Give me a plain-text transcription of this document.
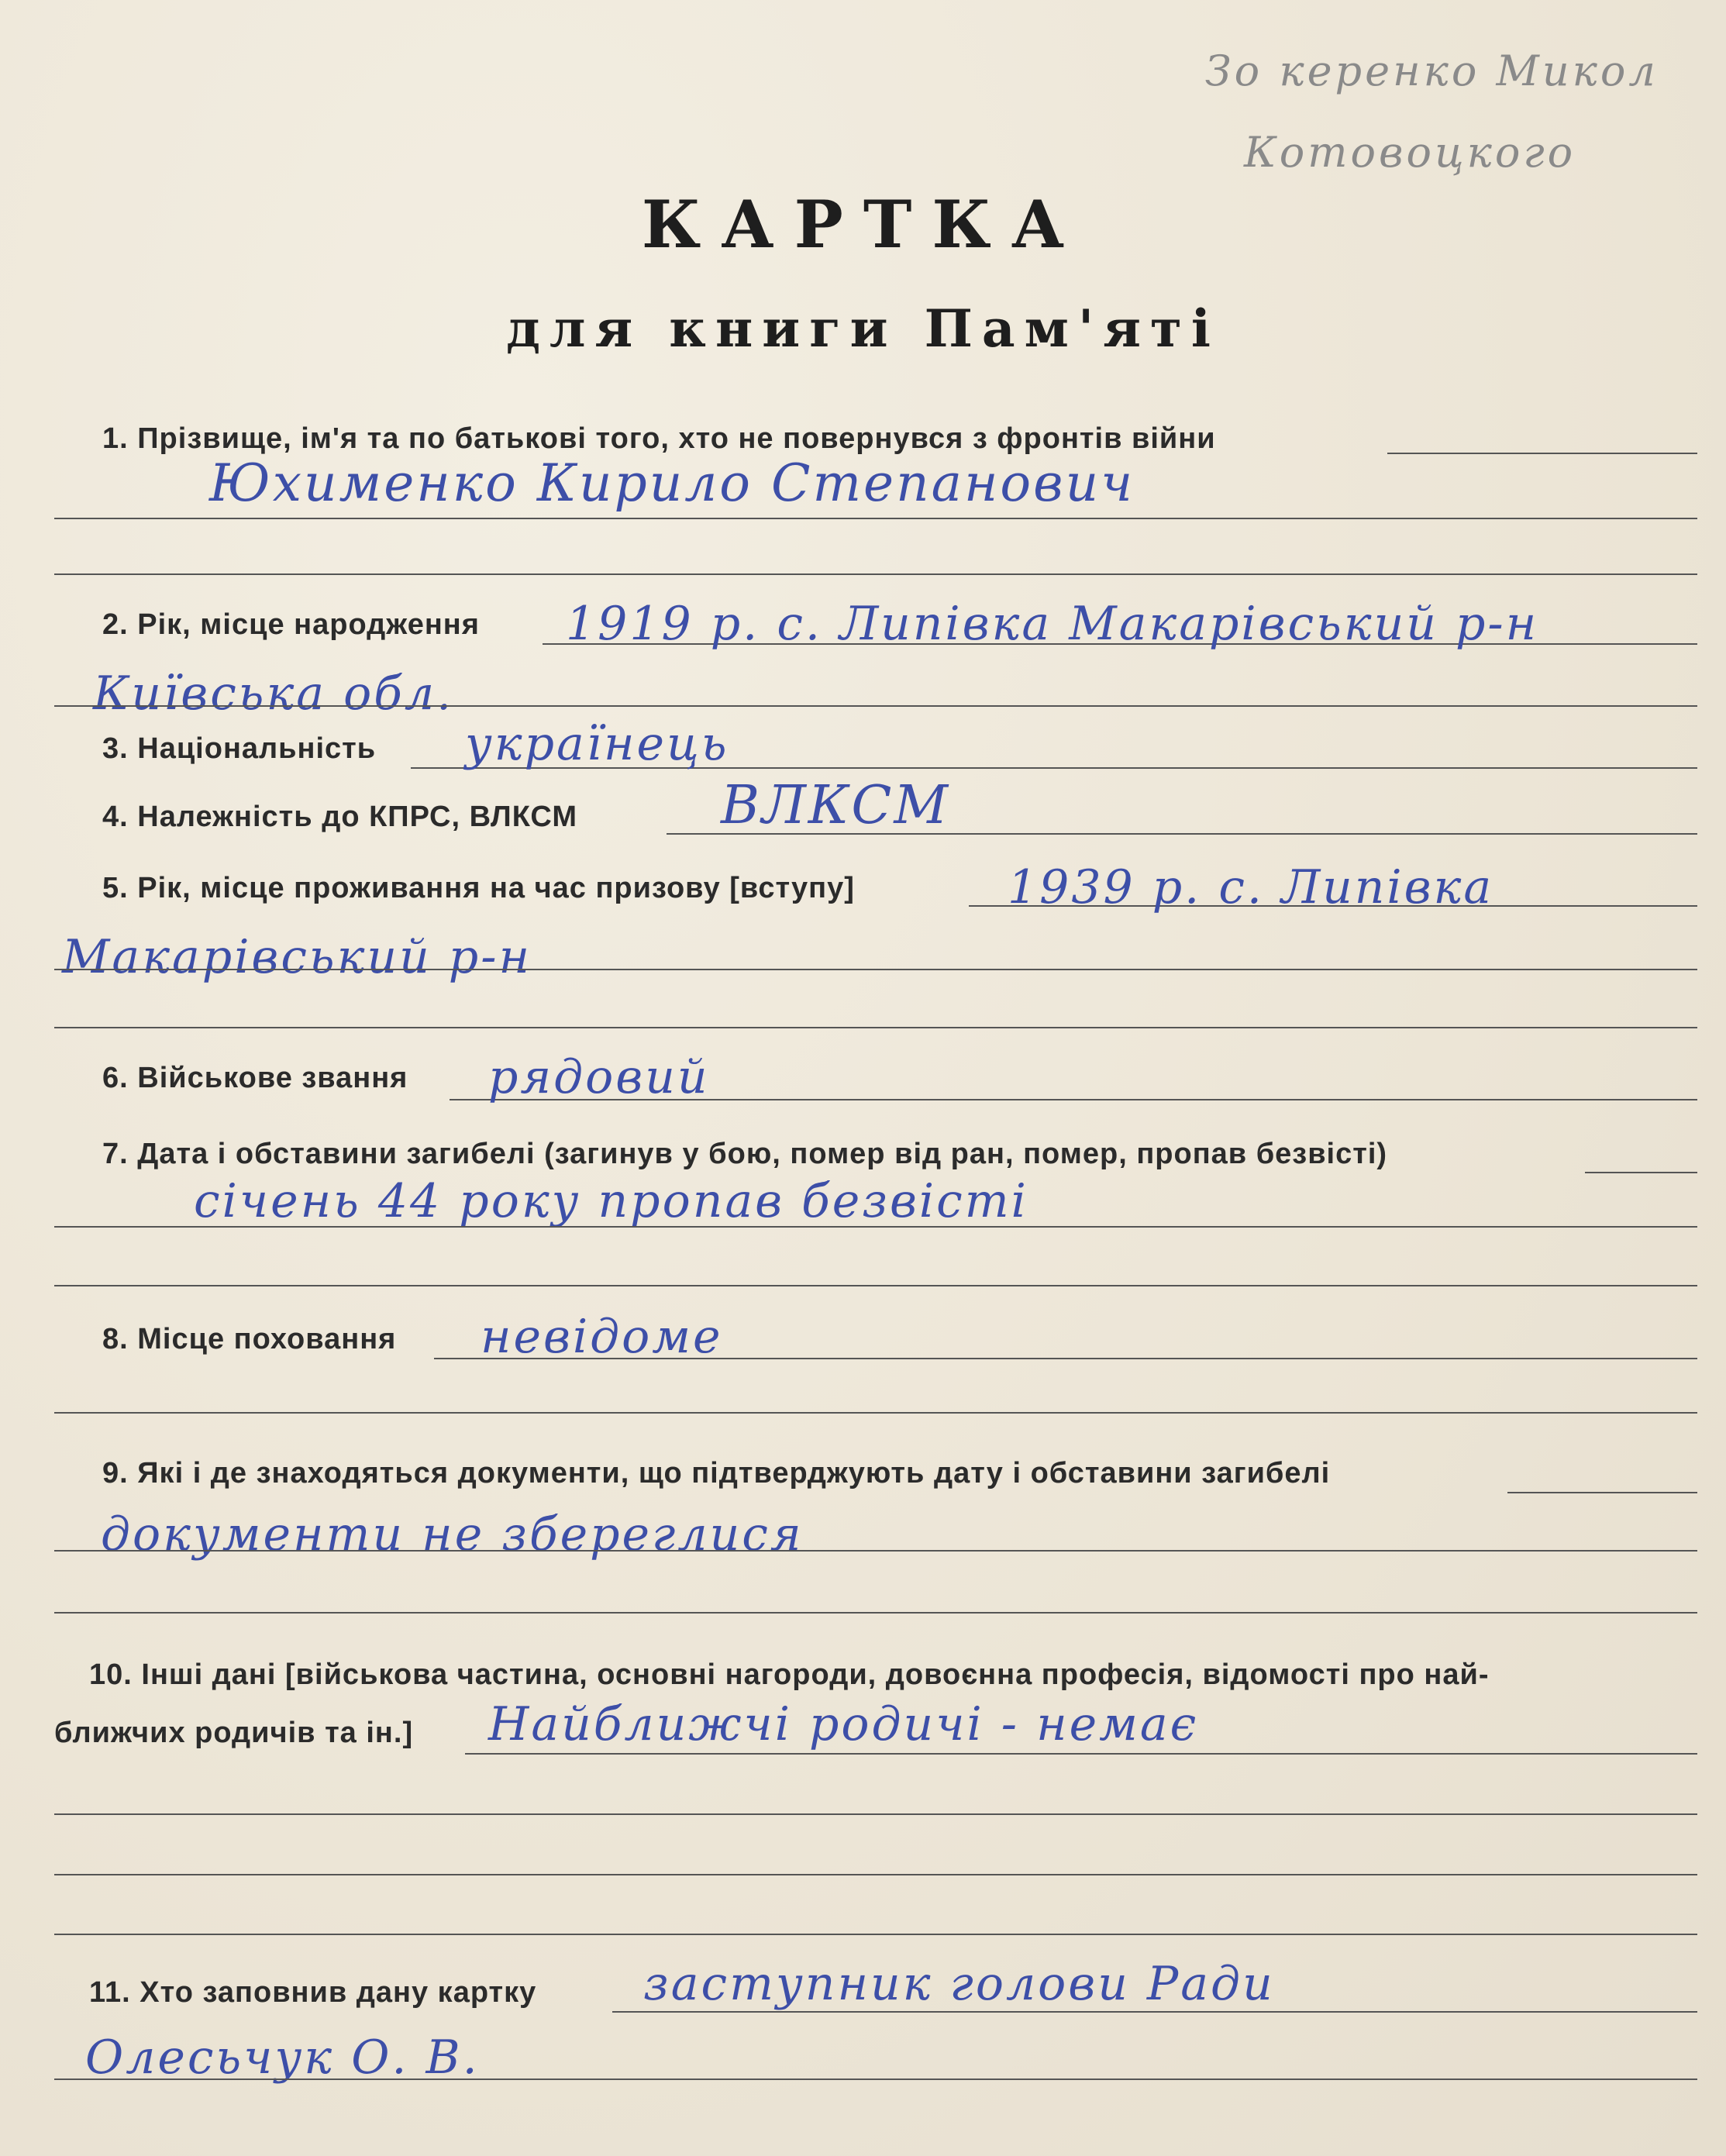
Зо керенко Микол
Котовоцкого
КАРТКА
для книги Пам'яті
1. Прізвище, ім'я та по батькові того, хто не повернувся з фронтів війни
Юхименко Кирило Степанович
2. Рік, місце народження 1919 р. с. Липівка Макарівський р-н
Київська обл.
3. Національність українець
4. Належність до КПРС, ВЛКСМ	ВЛКСМ
5. Рік, місце проживання на час призову [вступу]	1939 р. с. Липівка
Макарівський р-н
6. Військове звання рядовий
7. Дата і обставини загибелі (загинув у бою, помер від ран, помер, пропав безвісті)
січень 44 року пропав безвісті
8. Місце поховання невідоме
9. Які і де знаходяться документи, що підтверджують дату і обставини загибелі
документи не збереглися
10. Інші дані [військова частина, основні нагороди, довоєнна професія, відомості про най-
ближчих родичів та ін.] Найближчі родичі - немає
11. Хто заповнив дану картку заступник голови Ради
Олесьчук О. В.
